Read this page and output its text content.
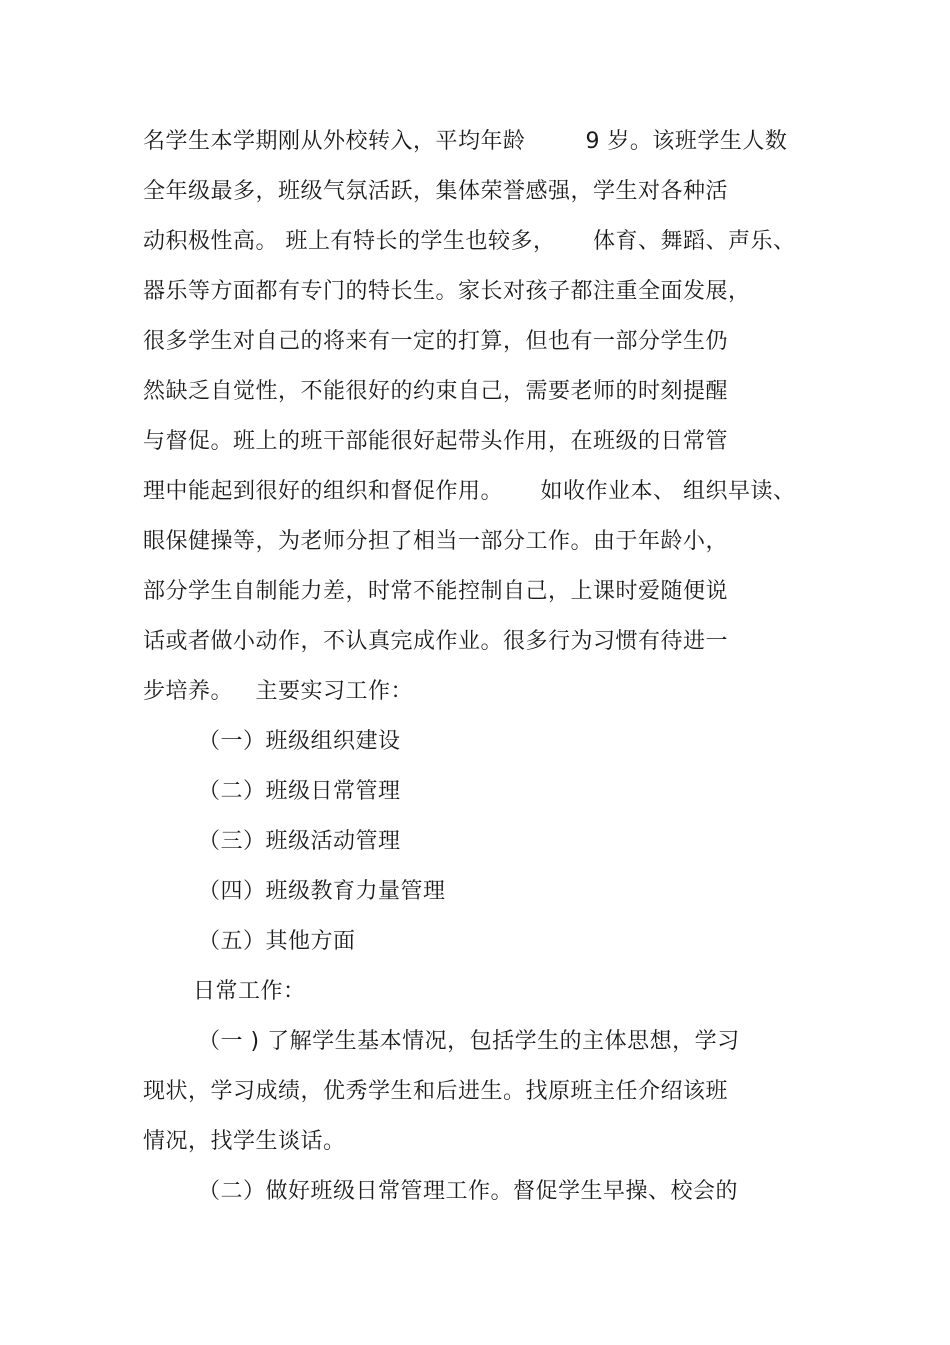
名学生本学期刚从外校转入，平均年龄        9 岁。该班学生人数
全年级最多，班级气氛活跃，集体荣誉感强，学生对各种活
动积极性高。 班上有特长的学生也较多，     体育、舞蹈、声乐、
器乐等方面都有专门的特长生。家长对孩子都注重全面发展，
很多学生对自己的将来有一定的打算，但也有一部分学生仍
然缺乏自觉性，不能很好的约束自己，需要老师的时刻提醒
与督促。班上的班干部能很好起带头作用，在班级的日常管
理中能起到很好的组织和督促作用。     如收作业本、 组织早读、
眼保健操等，为老师分担了相当一部分工作。由于年龄小，
部分学生自制能力差，时常不能控制自己，上课时爱随便说
话或者做小动作，不认真完成作业。很多行为习惯有待进一
步培养。   主要实习工作：
（一）班级组织建设
（二）班级日常管理
（三）班级活动管理
（四）班级教育力量管理
（五）其他方面
日常工作：
（一 ) 了解学生基本情况，包括学生的主体思想，学习
现状，学习成绩，优秀学生和后进生。找原班主任介绍该班
情况，找学生谈话。
（二）做好班级日常管理工作。督促学生早操、校会的
